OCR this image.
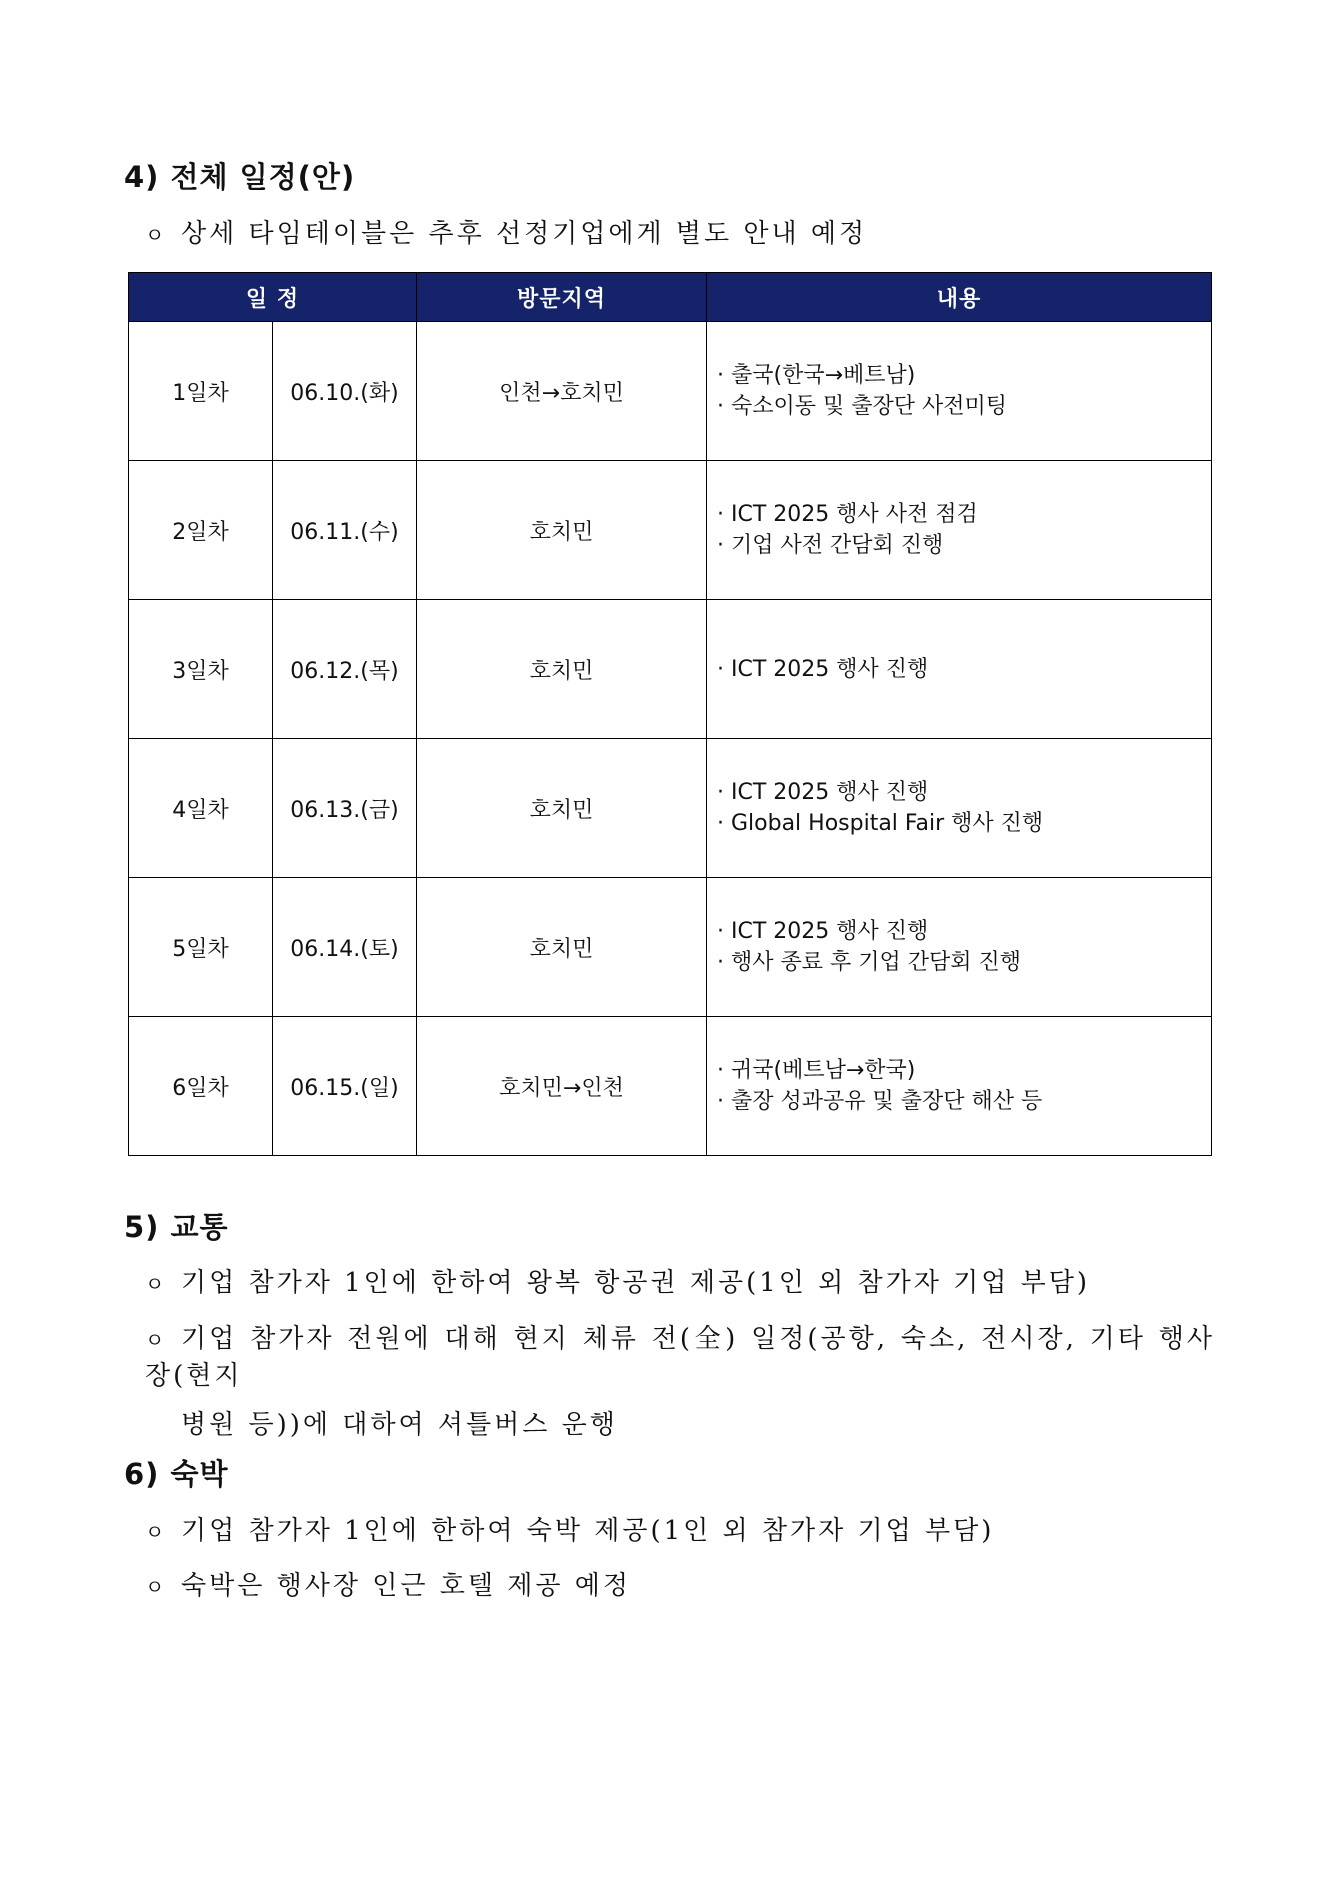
4) 전체 일정(안)
ㅇ 상세 타임테이블은 추후 선정기업에게 별도 안내 예정
일 정		방문지역	내용
1일차	06.10.(화)	인천→호치민	· 출국(한국→베트남)
· 숙소이동 및 출장단 사전미팅

2일차	06.11.(수)	호치민	· ICT 2025 행사 사전 점검
· 기업 사전 간담회 진행

3일차	06.12.(목)	호치민	· ICT 2025 행사 진행

4일차	06.13.(금)	호치민	· ICT 2025 행사 진행
· Global Hospital Fair 행사 진행

5일차	06.14.(토)	호치민	· ICT 2025 행사 진행
· 행사 종료 후 기업 간담회 진행

6일차	06.15.(일)	호치민→인천	· 귀국(베트남→한국)
· 출장 성과공유 및 출장단 해산 등
5) 교통
ㅇ 기업 참가자 1인에 한하여 왕복 항공권 제공(1인 외 참가자 기업 부담)
ㅇ 기업 참가자 전원에 대해 현지 체류 전(全) 일정(공항, 숙소, 전시장, 기타 행사장(현지
병원 등))에 대하여 셔틀버스 운행
6) 숙박
ㅇ 기업 참가자 1인에 한하여 숙박 제공(1인 외 참가자 기업 부담)
ㅇ 숙박은 행사장 인근 호텔 제공 예정
